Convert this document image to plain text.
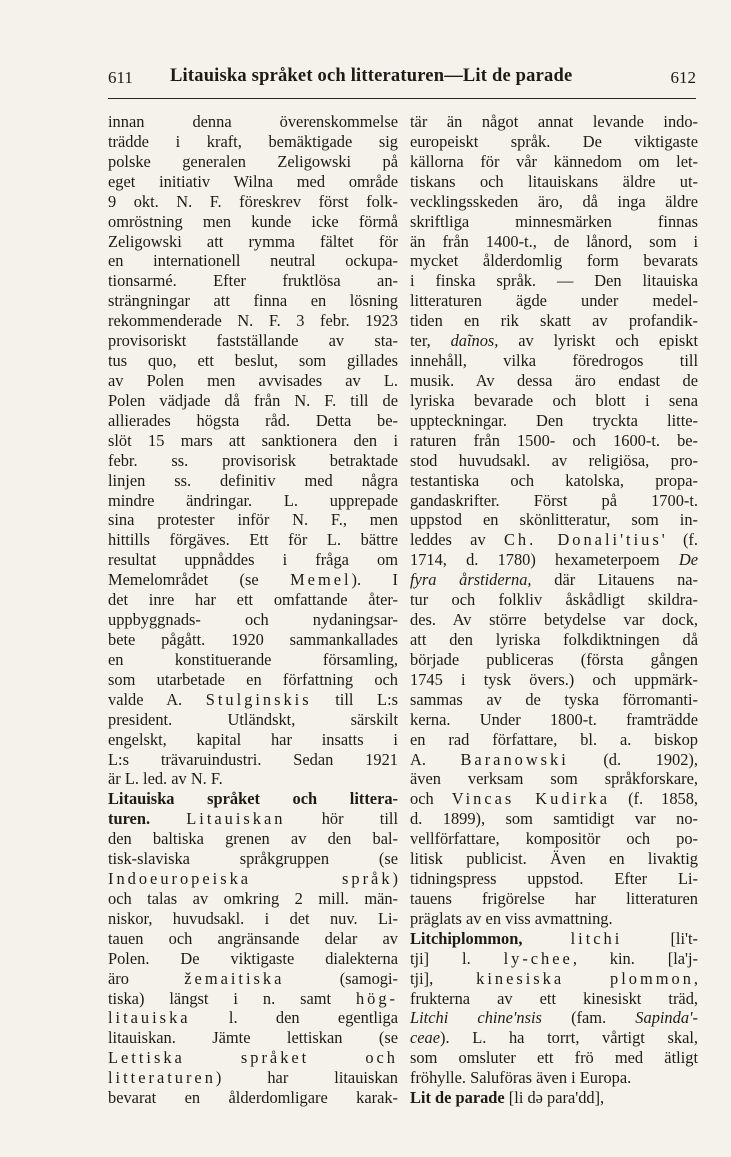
611 Litauiska språket och litteraturen—Lit de parade	612
innan denna överenskommelse
trädde i kraft, bemäktigade sig
polske generalen Zeligowski på
eget initiativ Wilna med område
9 okt. N. F. föreskrev först folk-
omröstning men kunde icke förmå
Zeligowski att rymma fältet för
en internationell neutral ockupa-
tionsarmé. Efter fruktlösa an-
strängningar att finna en lösning
rekommenderade N. F. 3 febr. 1923
provisoriskt fastställande av sta-
tus quo, ett beslut, som gillades
av Polen men avvisades av L.
Polen vädjade då från N. F. till de
allierades högsta råd. Detta be-
slöt 15 mars att sanktionera den i
febr. ss. provisorisk betraktade
linjen ss. definitiv med några
mindre ändringar. L. upprepade
sina protester inför N. F., men
hittills förgäves. Ett för L. bättre
resultat uppnåddes i fråga om
Memelområdet (se Memel). I
det inre har ett omfattande åter-
uppbyggnads- och nydaningsar-
bete pågått. 1920 sammankallades
en konstituerande församling,
som utarbetade en författning och
valde A. Stulginskis till L:s
president. Utländskt, särskilt
engelskt, kapital har insatts i
L:s trävaruindustri. Sedan 1921
är L. led. av N. F.
Litauiska språket och littera-
turen. Litauiskan hör till
den baltiska grenen av den bal-
tisk-slaviska språkgruppen (se
Indoeuropeiska språk)
och talas av omkring 2 mill. män-
niskor, huvudsakl. i det nuv. Li-
tauen och angränsande delar av
Polen. De viktigaste dialekterna
äro žemaitiska (samogi-
tiska) längst i n. samt hög-
litauiska l. den egentliga
litauiskan. Jämte lettiskan (se
Lettiska språket och
litteraturen) har litauiskan
bevarat en ålderdomligare karak-
tär än något annat levande indo-
europeiskt språk. De viktigaste
källorna för vår kännedom om let-
tiskans och litauiskans äldre ut-
vecklingsskeden äro, då inga äldre
skriftliga minnesmärken finnas
än från 1400-t., de lånord, som i
mycket ålderdomlig form bevarats
i finska språk. — Den litauiska
litteraturen ägde under medel-
tiden en rik skatt av profandik-
ter, daĩnos, av lyriskt och episkt
innehåll, vilka föredrogos till
musik. Av dessa äro endast de
lyriska bevarade och blott i sena
uppteckningar. Den tryckta litte-
raturen från 1500- och 1600-t. be-
stod huvudsakl. av religiösa, pro-
testantiska och katolska, propa-
gandaskrifter. Först på 1700-t.
uppstod en skönlitteratur, som in-
leddes av Ch. Donali'tius' (f.
1714, d. 1780) hexameterpoem De
fyra årstiderna, där Litauens na-
tur och folkliv åskådligt skildra-
des. Av större betydelse var dock,
att den lyriska folkdiktningen då
började publiceras (första gången
1745 i tysk övers.) och uppmärk-
sammas av de tyska förromanti-
kerna. Under 1800-t. framträdde
en rad författare, bl. a. biskop
A. Baranowski (d. 1902),
även verksam som språkforskare,
och Vincas Kudirka (f. 1858,
d. 1899), som samtidigt var no-
vellförfattare, kompositör och po-
litisk publicist. Även en livaktig
tidningspress uppstod. Efter Li-
tauens frigörelse har litteraturen
präglats av en viss avmattning.
Litchiplommon,	litchi [li't-
tji] l. ly-chee, kin. [la'j-
tji], kinesiska plommon,
frukterna av ett kinesiskt träd,
Litchi chine'nsis (fam. Sapinda'-
ceae). L. ha torrt, vårtigt skal,
som omsluter ett frö med ätligt
fröhylle. Saluföras även i Europa.
Lit de parade [li də para'dd],
